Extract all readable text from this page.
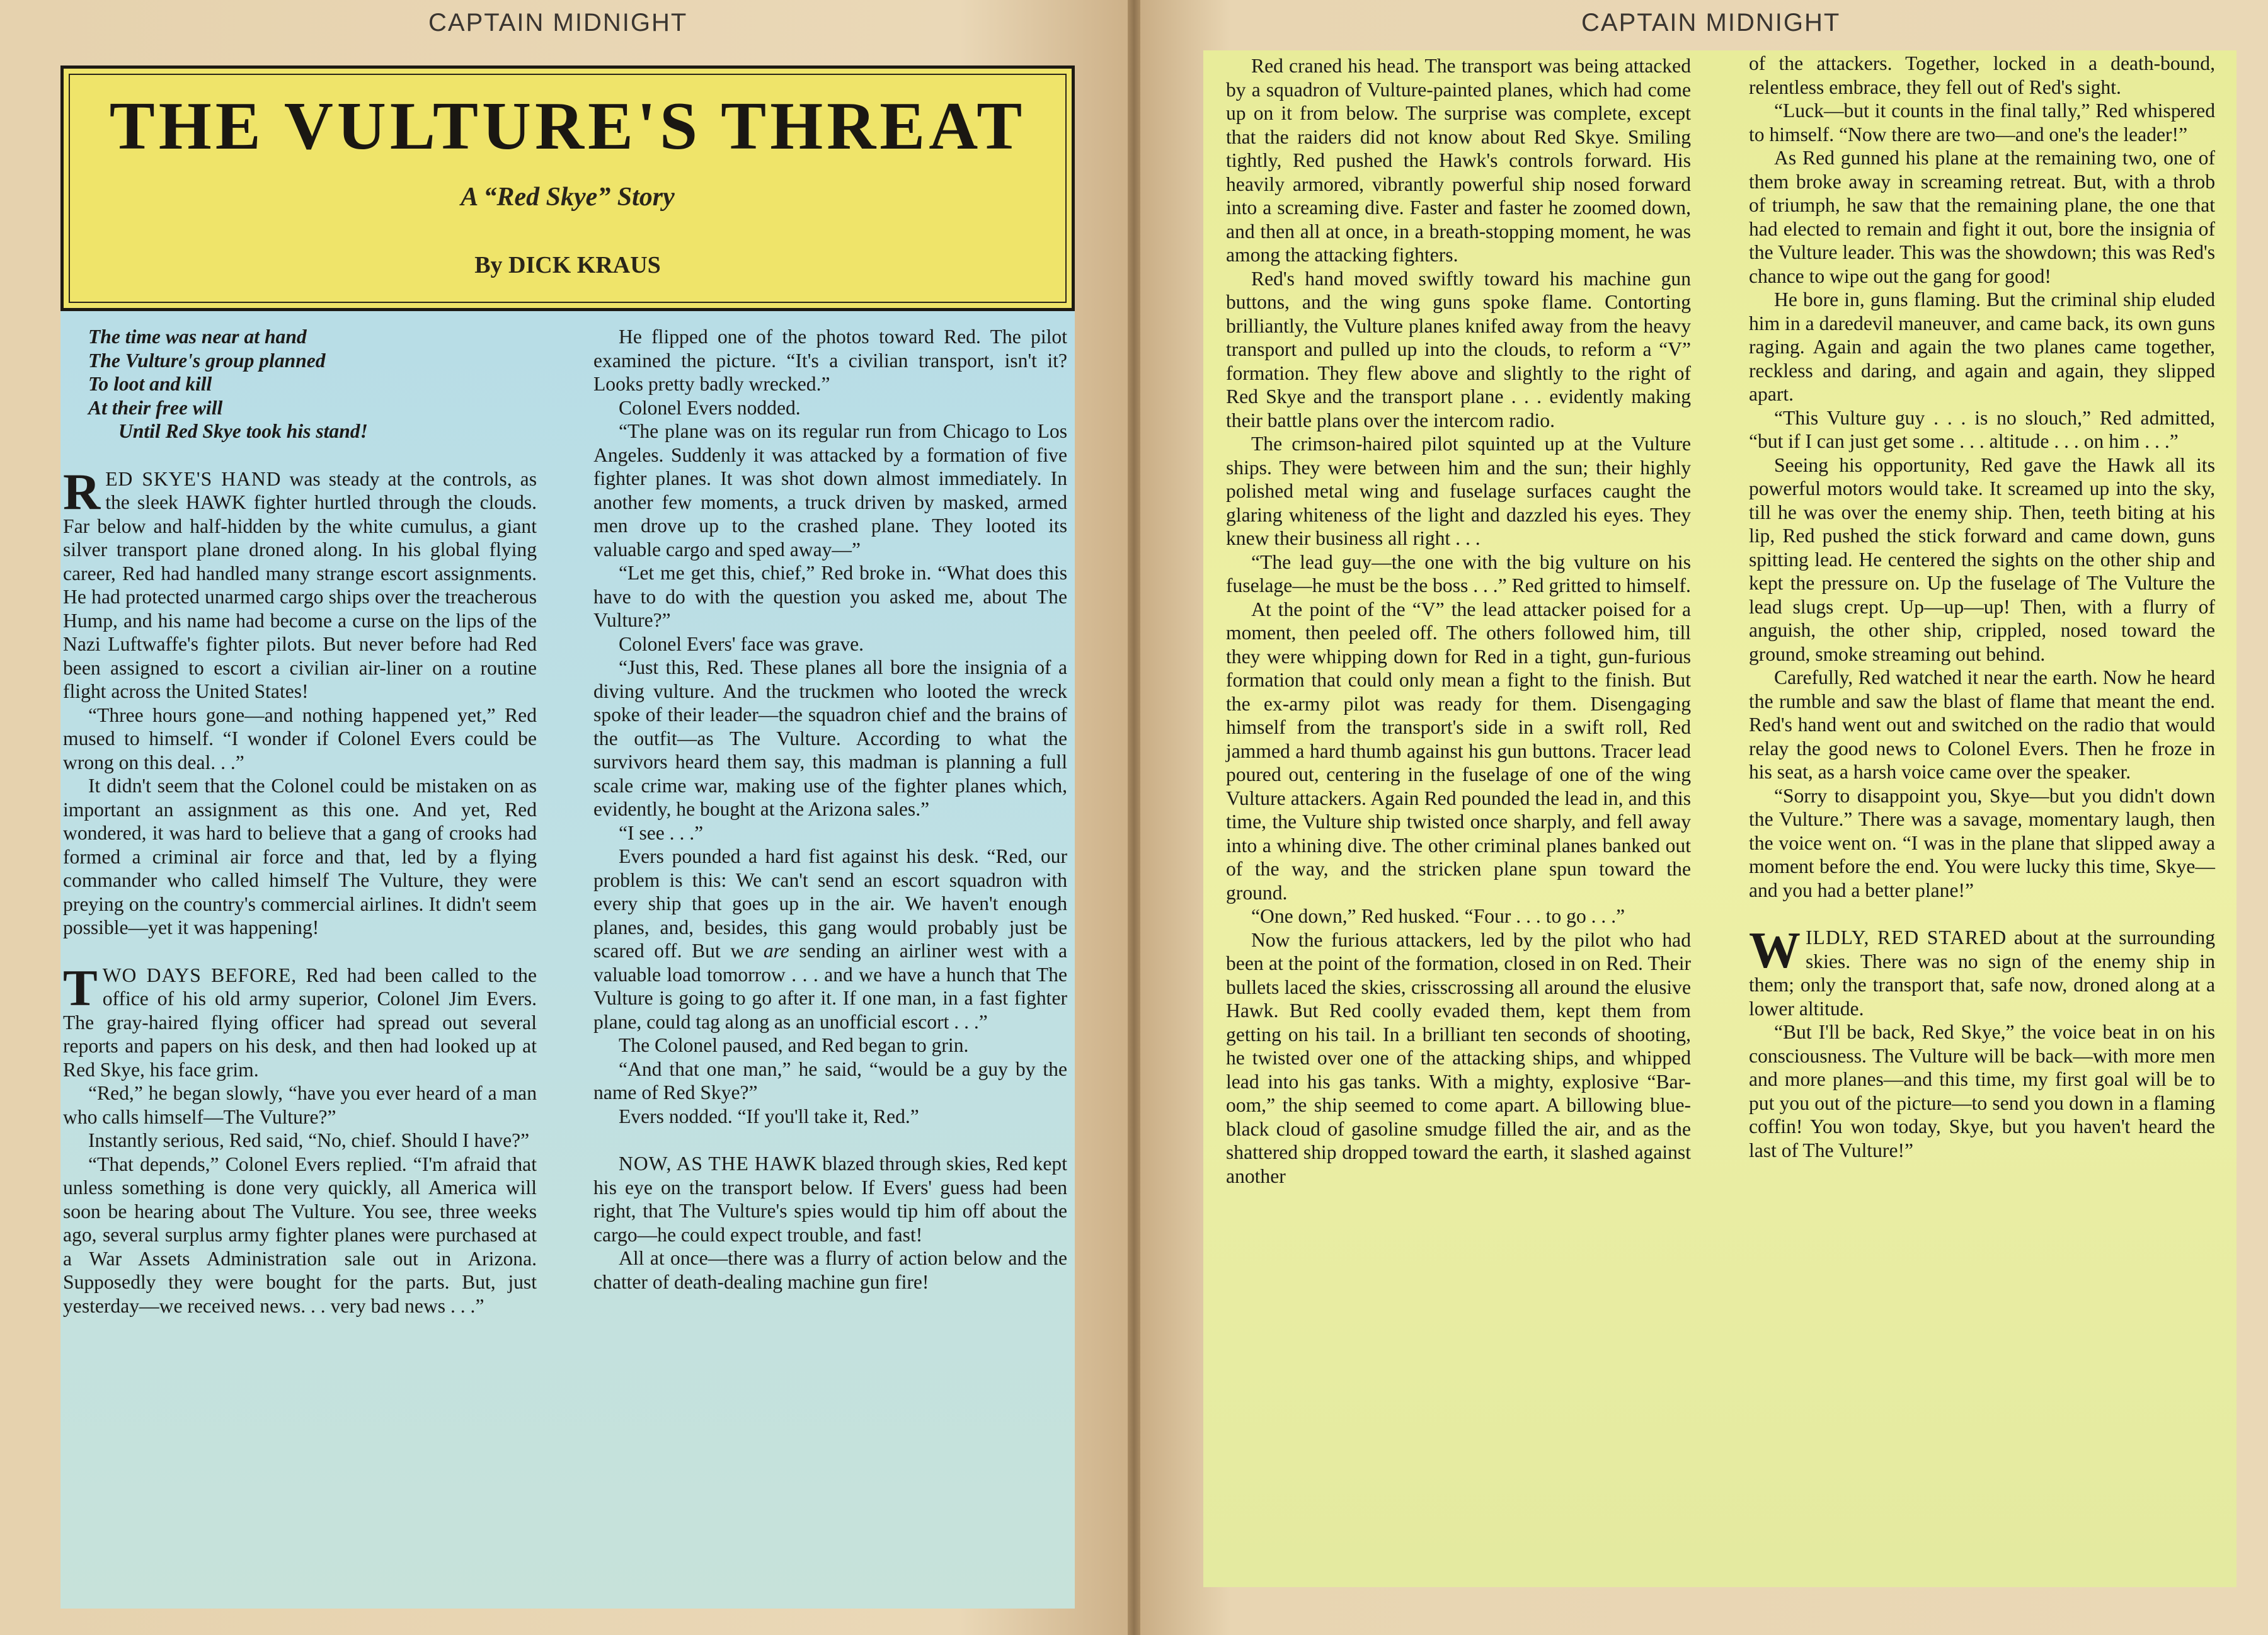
CAPTAIN MIDNIGHT
THE VULTURE'S THREAT
A “Red Skye” Story
By DICK KRAUS

The time was near at hand

The Vulture's group planned

To loot and kill

At their free will

Until Red Skye took his stand!

RED SKYE'S HAND was steady at the controls, as the sleek HAWK fighter hurtled through the clouds. Far below and half-hidden by the white cumulus, a giant silver transport plane droned along. In his global flying career, Red had handled many strange escort assignments. He had protected unarmed cargo ships over the treacherous Hump, and his name had become a curse on the lips of the Nazi Luftwaffe's fighter pilots. But never before had Red been assigned to escort a civilian air-liner on a routine flight across the United States!

“Three hours gone—and nothing happened yet,” Red mused to himself. “I wonder if Colonel Evers could be wrong on this deal. . .”

It didn't seem that the Colonel could be mistaken on as important an assignment as this one. And yet, Red wondered, it was hard to believe that a gang of crooks had formed a criminal air force and that, led by a flying commander who called himself The Vulture, they were preying on the country's commercial airlines. It didn't seem possible—yet it was happening!

TWO DAYS BEFORE, Red had been called to the office of his old army superior, Colonel Jim Evers. The gray-haired flying officer had spread out several reports and papers on his desk, and then had looked up at Red Skye, his face grim.

“Red,” he began slowly, “have you ever heard of a man who calls himself—The Vulture?”

Instantly serious, Red said, “No, chief. Should I have?”

“That depends,” Colonel Evers replied. “I'm afraid that unless something is done very quickly, all America will soon be hearing about The Vulture. You see, three weeks ago, several surplus army fighter planes were purchased at a War Assets Administration sale out in Arizona. Supposedly they were bought for the parts. But, just yesterday—we received news. . . very bad news . . .”

He flipped one of the photos toward Red. The pilot examined the picture. “It's a civilian transport, isn't it? Looks pretty badly wrecked.”

Colonel Evers nodded.

“The plane was on its regular run from Chicago to Los Angeles. Suddenly it was attacked by a formation of five fighter planes. It was shot down almost immediately. In another few moments, a truck driven by masked, armed men drove up to the crashed plane. They looted its valuable cargo and sped away—”

“Let me get this, chief,” Red broke in. “What does this have to do with the question you asked me, about The Vulture?”

Colonel Evers' face was grave.

“Just this, Red. These planes all bore the insignia of a diving vulture. And the truckmen who looted the wreck spoke of their leader—the squadron chief and the brains of the outfit—as The Vulture. According to what the survivors heard them say, this madman is planning a full scale crime war, making use of the fighter planes which, evidently, he bought at the Arizona sales.”

“I see . . .”

Evers pounded a hard fist against his desk. “Red, our problem is this: We can't send an escort squadron with every ship that goes up in the air. We haven't enough planes, and, besides, this gang would probably just be scared off. But we are sending an airliner west with a valuable load tomorrow . . . and we have a hunch that The Vulture is going to go after it. If one man, in a fast fighter plane, could tag along as an unofficial escort . . .”

The Colonel paused, and Red began to grin.

“And that one man,” he said, “would be a guy by the name of Red Skye?”

Evers nodded. “If you'll take it, Red.”

NOW, AS THE HAWK blazed through skies, Red kept his eye on the transport below. If Evers' guess had been right, that The Vulture's spies would tip him off about the cargo—he could expect trouble, and fast!

All at once—there was a flurry of action below and the chatter of death-dealing machine gun fire!

CAPTAIN MIDNIGHT

Red craned his head. The transport was being attacked by a squadron of Vulture-painted planes, which had come up on it from below. The surprise was complete, except that the raiders did not know about Red Skye. Smiling tightly, Red pushed the Hawk's controls forward. His heavily armored, vibrantly powerful ship nosed forward into a screaming dive. Faster and faster he zoomed down, and then all at once, in a breath-stopping moment, he was among the attacking fighters.

Red's hand moved swiftly toward his machine gun buttons, and the wing guns spoke flame. Contorting brilliantly, the Vulture planes knifed away from the heavy transport and pulled up into the clouds, to reform a “V” formation. They flew above and slightly to the right of Red Skye and the transport plane . . . evidently making their battle plans over the intercom radio.

The crimson-haired pilot squinted up at the Vulture ships. They were between him and the sun; their highly polished metal wing and fuselage surfaces caught the glaring whiteness of the light and dazzled his eyes. They knew their business all right . . .

“The lead guy—the one with the big vulture on his fuselage—he must be the boss . . .” Red gritted to himself.

At the point of the “V” the lead attacker poised for a moment, then peeled off. The others followed him, till they were whipping down for Red in a tight, gun-furious formation that could only mean a fight to the finish. But the ex-army pilot was ready for them. Disengaging himself from the transport's side in a swift roll, Red jammed a hard thumb against his gun buttons. Tracer lead poured out, centering in the fuselage of one of the wing Vulture attackers. Again Red pounded the lead in, and this time, the Vulture ship twisted once sharply, and fell away into a whining dive. The other criminal planes banked out of the way, and the stricken plane spun toward the ground.

“One down,” Red husked. “Four . . . to go . . .”

Now the furious attackers, led by the pilot who had been at the point of the formation, closed in on Red. Their bullets laced the skies, crisscrossing all around the elusive Hawk. But Red coolly evaded them, kept them from getting on his tail. In a brilliant ten seconds of shooting, he twisted over one of the attacking ships, and whipped lead into his gas tanks. With a mighty, explosive “Bar-oom,” the ship seemed to come apart. A billowing blue-black cloud of gasoline smudge filled the air, and as the shattered ship dropped toward the earth, it slashed against another

of the attackers. Together, locked in a death-bound, relentless embrace, they fell out of Red's sight.

“Luck—but it counts in the final tally,” Red whispered to himself. “Now there are two—and one's the leader!”

As Red gunned his plane at the remaining two, one of them broke away in screaming retreat. But, with a throb of triumph, he saw that the remaining plane, the one that had elected to remain and fight it out, bore the insignia of the Vulture leader. This was the showdown; this was Red's chance to wipe out the gang for good!

He bore in, guns flaming. But the criminal ship eluded him in a daredevil maneuver, and came back, its own guns raging. Again and again the two planes came together, reckless and daring, and again and again, they slipped apart.

“This Vulture guy . . . is no slouch,” Red admitted, “but if I can just get some . . . altitude . . . on him . . .”

Seeing his opportunity, Red gave the Hawk all its powerful motors would take. It screamed up into the sky, till he was over the enemy ship. Then, teeth biting at his lip, Red pushed the stick forward and came down, guns spitting lead. He centered the sights on the other ship and kept the pressure on. Up the fuselage of The Vulture the lead slugs crept. Up—up—up! Then, with a flurry of anguish, the other ship, crippled, nosed toward the ground, smoke streaming out behind.

Carefully, Red watched it near the earth. Now he heard the rumble and saw the blast of flame that meant the end. Red's hand went out and switched on the radio that would relay the good news to Colonel Evers. Then he froze in his seat, as a harsh voice came over the speaker.

“Sorry to disappoint you, Skye—but you didn't down the Vulture.” There was a savage, momentary laugh, then the voice went on. “I was in the plane that slipped away a moment before the end. You were lucky this time, Skye—and you had a better plane!”

WILDLY, RED STARED about at the surrounding skies. There was no sign of the enemy ship in them; only the transport that, safe now, droned along at a lower altitude.

“But I'll be back, Red Skye,” the voice beat in on his consciousness. The Vulture will be back—with more men and more planes—and this time, my first goal will be to put you out of the picture—to send you down in a flaming coffin! You won today, Skye, but you haven't heard the last of The Vulture!”
